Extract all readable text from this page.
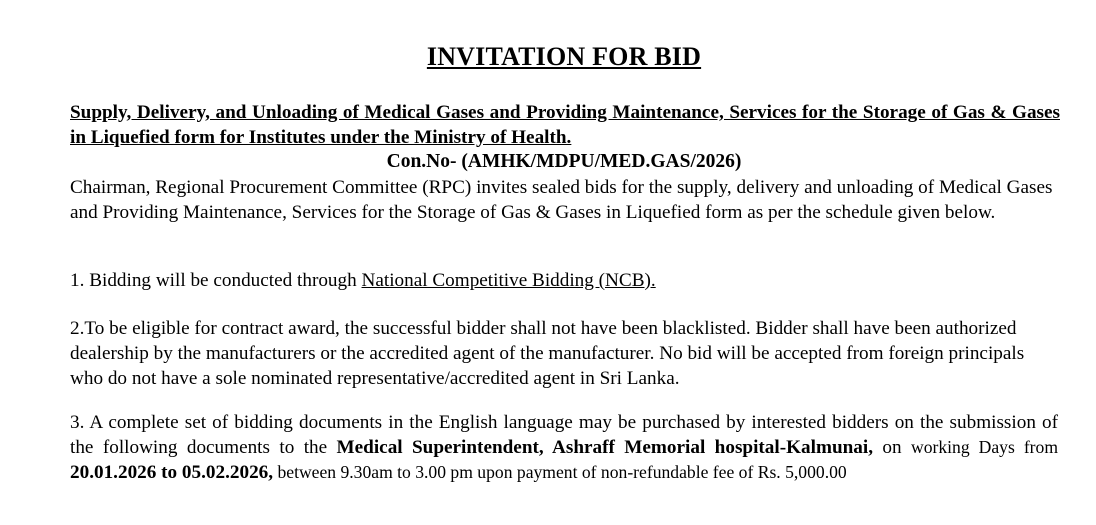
INVITATION FOR BID
Supply, Delivery, and Unloading of Medical Gases and Providing Maintenance, Services for the Storage of Gas & Gases in Liquefied form for Institutes under the Ministry of Health.
Con.No- (AMHK/MDPU/MED.GAS/2026)
Chairman, Regional Procurement Committee (RPC) invites sealed bids for the supply, delivery and unloading of Medical Gases and Providing Maintenance, Services for the Storage of Gas & Gases in Liquefied form as per the schedule given below.
1. Bidding will be conducted through National Competitive Bidding (NCB).
2.To be eligible for contract award, the successful bidder shall not have been blacklisted. Bidder shall have been authorized dealership by the manufacturers or the accredited agent of the manufacturer. No bid will be accepted from foreign principals who do not have a sole nominated representative/accredited agent in Sri Lanka.
3. A complete set of bidding documents in the English language may be purchased by interested bidders on the submission of the following documents to the Medical Superintendent, Ashraff Memorial hospital-Kalmunai, on working Days from 20.01.2026 to 05.02.2026, between 9.30am to 3.00 pm upon payment of non-refundable fee of Rs. 5,000.00
